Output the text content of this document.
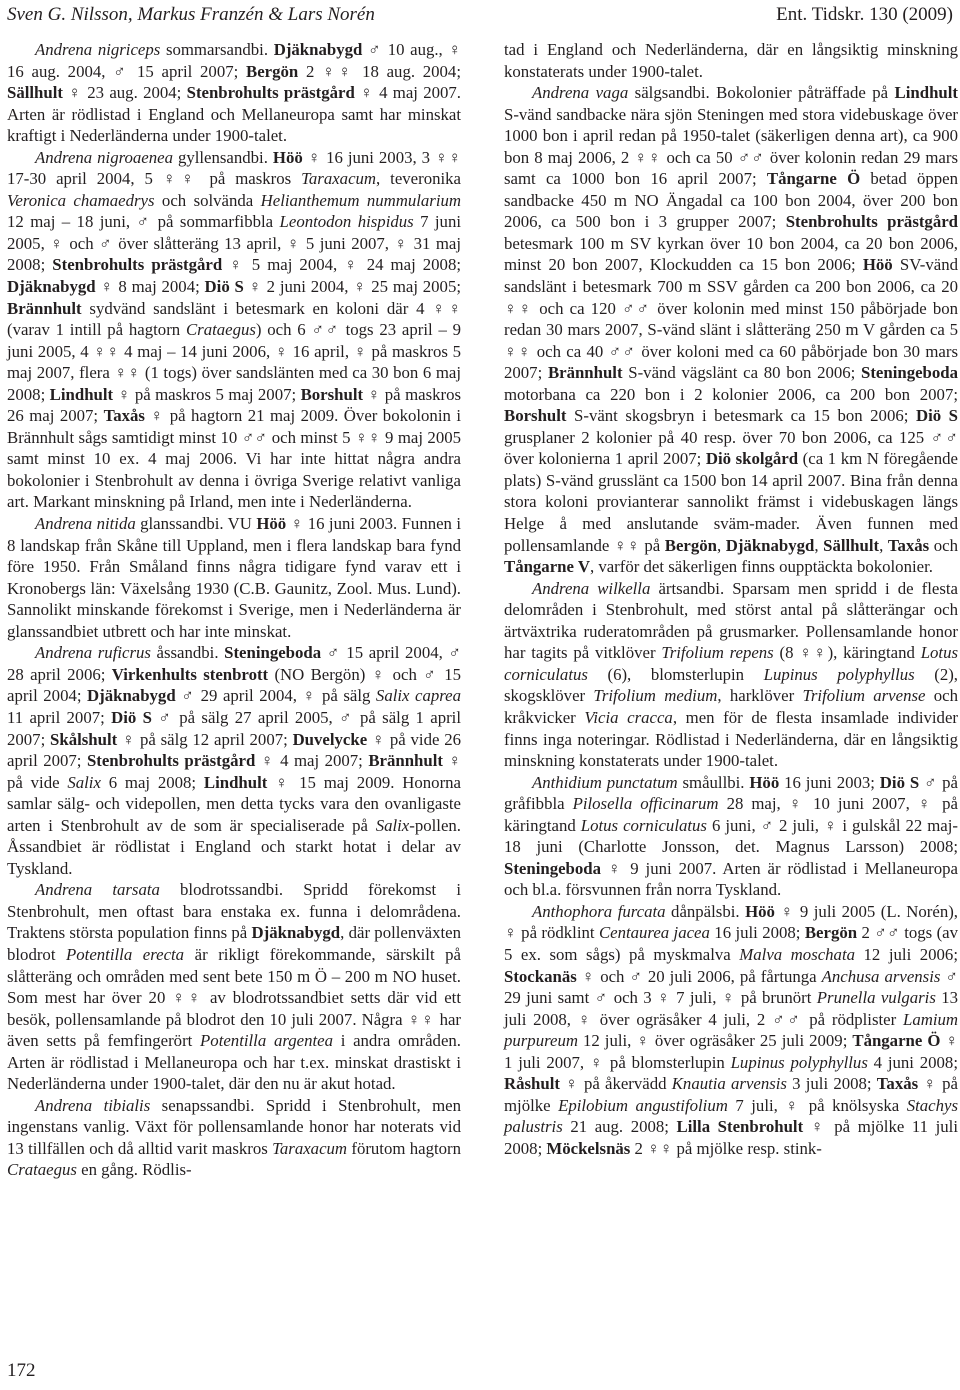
Sven G. Nilsson, Markus Franzén & Lars Norén	Ent. Tidskr. 130 (2009)

Andrena nigriceps sommarsandbi. Djäknabygd ♂ 10 aug., ♀ 16 aug. 2004, ♂ 15 april 2007; Bergön 2 ♀♀ 18 aug. 2004; Sällhult ♀ 23 aug. 2004; Stenbrohults prästgård ♀ 4 maj 2007. Arten är rödlistad i England och Mellaneuropa samt har minskat kraftigt i Nederländerna under 1900-talet.

Andrena nigroaenea gyllensandbi. Höö ♀ 16 juni 2003, 3 ♀♀ 17-30 april 2004, 5 ♀♀ på maskros Taraxacum, teveronika Veronica chamaedrys och solvända Helianthemum nummularium 12 maj – 18 juni, ♂ på sommarfibbla Leontodon hispidus 7 juni 2005, ♀ och ♂ över slåtteräng 13 april, ♀ 5 juni 2007, ♀ 31 maj 2008; Stenbrohults prästgård ♀ 5 maj 2004, ♀ 24 maj 2008; Djäknabygd ♀ 8 maj 2004; Diö S ♀ 2 juni 2004, ♀ 25 maj 2005; Brännhult sydvänd sandslänt i betesmark en koloni där 4 ♀♀ (varav 1 intill på hagtorn Crataegus) och 6 ♂♂ togs 23 april – 9 juni 2005, 4 ♀♀ 4 maj – 14 juni 2006, ♀ 16 april, ♀ på maskros 5 maj 2007, flera ♀♀ (1 togs) över sandslänten med ca 30 bon 6 maj 2008; Lindhult ♀ på maskros 5 maj 2007; Borshult ♀ på maskros 26 maj 2007; Taxås ♀ på hagtorn 21 maj 2009. Över bokolonin i Brännhult sågs samtidigt minst 10 ♂♂ och minst 5 ♀♀ 9 maj 2005 samt minst 10 ex. 4 maj 2006. Vi har inte hittat några andra bokolonier i Stenbrohult av denna i övriga Sverige relativt vanliga art. Markant minskning på Irland, men inte i Nederländerna.

Andrena nitida glanssandbi. VU Höö ♀ 16 juni 2003. Funnen i 8 landskap från Skåne till Uppland, men i flera landskap bara fynd före 1950. Från Småland finns några tidigare fynd varav ett i Kronobergs län: Växelsång 1930 (C.B. Gaunitz, Zool. Mus. Lund). Sannolikt minskande förekomst i Sverige, men i Nederländerna är glanssandbiet utbrett och har inte minskat.

Andrena ruficrus åssandbi. Steningeboda ♂ 15 april 2004, ♂ 28 april 2006; Virkenhults stenbrott (NO Bergön) ♀ och ♂ 15 april 2004; Djäknabygd ♂ 29 april 2004, ♀ på sälg Salix caprea 11 april 2007; Diö S ♂ på sälg 27 april 2005, ♂ på sälg 1 april 2007; Skålshult ♀ på sälg 12 april 2007; Duvelycke ♀ på vide 26 april 2007; Stenbrohults prästgård ♀ 4 maj 2007; Brännhult ♀ på vide Salix 6 maj 2008; Lindhult ♀ 15 maj 2009. Honorna samlar sälg- och videpollen, men detta tycks vara den ovanligaste arten i Stenbrohult av de som är specialiserade på Salix-pollen. Åssandbiet är rödlistat i England och starkt hotat i delar av Tyskland.

Andrena tarsata blodrotssandbi. Spridd förekomst i Stenbrohult, men oftast bara enstaka ex. funna i delområdena. Traktens största population finns på Djäknabygd, där pollenväxten blodrot Potentilla erecta är rikligt förekommande, särskilt på slåtteräng och områden med sent bete 150 m Ö – 200 m NO huset. Som mest har över 20 ♀♀ av blodrotssandbiet setts där vid ett besök, pollensamlande på blodrot den 10 juli 2007. Några ♀♀ har även setts på femfingerört Potentilla argentea i andra områden. Arten är rödlistad i Mellaneuropa och har t.ex. minskat drastiskt i Nederländerna under 1900-talet, där den nu är akut hotad.

Andrena tibialis senapssandbi. Spridd i Stenbrohult, men ingenstans vanlig. Växt för pollensamlande honor har noterats vid 13 tillfällen och då alltid varit maskros Taraxacum förutom hagtorn Crataegus en gång. Rödlis-

tad i England och Nederländerna, där en långsiktig minskning konstaterats under 1900-talet.

Andrena vaga sälgsandbi. Bokolonier påträffade på Lindhult S-vänd sandbacke nära sjön Steningen med stora videbuskage över 1000 bon i april redan på 1950-talet (säkerligen denna art), ca 900 bon 8 maj 2006, 2 ♀♀ och ca 50 ♂♂ över kolonin redan 29 mars samt ca 1000 bon 16 april 2007; Tångarne Ö betad öppen sandbacke 450 m NO Ängadal ca 100 bon 2004, över 200 bon 2006, ca 500 bon i 3 grupper 2007; Stenbrohults prästgård betesmark 100 m SV kyrkan över 10 bon 2004, ca 20 bon 2006, minst 20 bon 2007, Klockudden ca 15 bon 2006; Höö SV-vänd sandslänt i betesmark 700 m SSV gården ca 200 bon 2006, ca 20 ♀♀ och ca 120 ♂♂ över kolonin med minst 150 påbörjade bon redan 30 mars 2007, S-vänd slänt i slåtteräng 250 m V gården ca 5 ♀♀ och ca 40 ♂♂ över koloni med ca 60 påbörjade bon 30 mars 2007; Brännhult S-vänd vägslänt ca 80 bon 2006; Steningeboda motorbana ca 220 bon i 2 kolonier 2006, ca 200 bon 2007; Borshult S-vänt skogsbryn i betesmark ca 15 bon 2006; Diö S grusplaner 2 kolonier på 40 resp. över 70 bon 2006, ca 125 ♂♂ över kolonierna 1 april 2007; Diö skolgård (ca 1 km N föregående plats) S-vänd grusslänt ca 1500 bon 14 april 2007. Bina från denna stora koloni provianterar sannolikt främst i videbuskagen längs Helge å med anslutande sväm-mader. Även funnen med pollensamlande ♀♀ på Bergön, Djäknabygd, Sällhult, Taxås och Tångarne V, varför det säkerligen finns oupptäckta bokolonier.

Andrena wilkella ärtsandbi. Sparsam men spridd i de flesta delområden i Stenbrohult, med störst antal på slåtterängar och ärtväxtrika ruderatområden på grusmarker. Pollensamlande honor har tagits på vitklöver Trifolium repens (8 ♀♀), käringtand Lotus corniculatus (6), blomsterlupin Lupinus polyphyllus (2), skogsklöver Trifolium medium, harklöver Trifolium arvense och kråkvicker Vicia cracca, men för de flesta insamlade individer finns inga noteringar. Rödlistad i Nederländerna, där en långsiktig minskning konstaterats under 1900-talet.

Anthidium punctatum småullbi. Höö 16 juni 2003; Diö S ♂ på gråfibbla Pilosella officinarum 28 maj, ♀ 10 juni 2007, ♀ på käringtand Lotus corniculatus 6 juni, ♂ 2 juli, ♀ i gulskål 22 maj-18 juni (Charlotte Jonsson, det. Magnus Larsson) 2008; Steningeboda ♀ 9 juni 2007. Arten är rödlistad i Mellaneuropa och bl.a. försvunnen från norra Tyskland.

Anthophora furcata dånpälsbi. Höö ♀ 9 juli 2005 (L. Norén), ♀ på rödklint Centaurea jacea 16 juli 2008; Bergön 2 ♂♂ togs (av 5 ex. som sågs) på myskmalva Malva moschata 12 juli 2006; Stockanäs ♀ och ♂ 20 juli 2006, på fårtunga Anchusa arvensis ♂ 29 juni samt ♂ och 3 ♀ 7 juli, ♀ på brunört Prunella vulgaris 13 juli 2008, ♀ över ogräsåker 4 juli, 2 ♂♂ på rödplister Lamium purpureum 12 juli, ♀ över ogräsåker 25 juli 2009; Tångarne Ö ♀ 1 juli 2007, ♀ på blomsterlupin Lupinus polyphyllus 4 juni 2008; Råshult ♀ på åkervädd Knautia arvensis 3 juli 2008; Taxås ♀ på mjölke Epilobium angustifolium 7 juli, ♀ på knölsyska Stachys palustris 21 aug. 2008; Lilla Stenbrohult ♀ på mjölke 11 juli 2008; Möckelsnäs 2 ♀♀ på mjölke resp. stink-

172
